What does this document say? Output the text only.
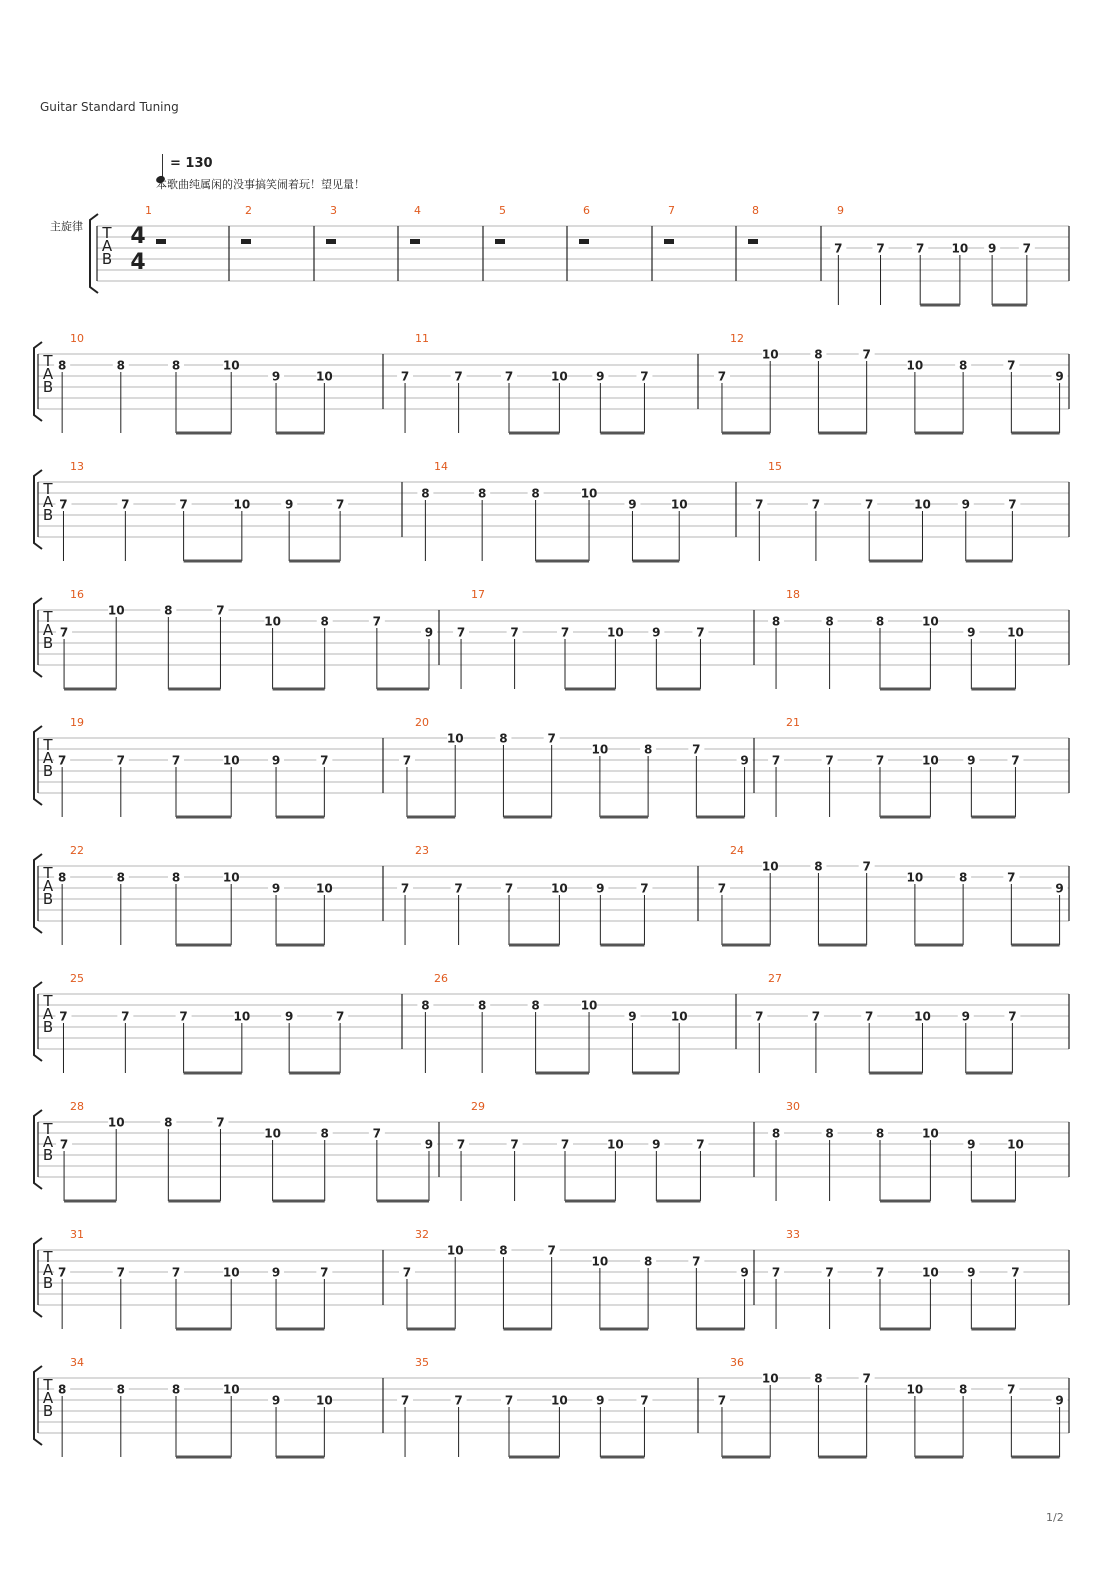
Guitar Standard Tuning
= 130
本歌曲纯属闲的没事搞笑闹着玩！望见量！
主旋律 T
A
B
4
4
1	2	3	4	5	6	7	8	9
7	7	7 10 9 7
T
A
B
10
8	8	8	10
9	10
11
7	7	7	10 9	7
12
7
10	8	7
10	8	7
9
T
A
B
13
7	7	7	10	9	7
14
8	8	8	10
9	10
15
7	7	7	10	9	7
T
A
B
16
7
10	8	7
10	8	7
9
17
7	7	7	10 9	7
18
8	8	8	10
9	10
T
A
B
19
7	7	7	10	9	7
20
7
10	8	7
10	8	7
9
21
7	7	7	10 9	7
T
A
B
22
8	8	8	10
9	10
23
7	7	7	10 9	7
24
7
10	8	7
10	8	7
9
T
A
B
25
7	7	7	10	9	7
26
8	8	8	10
9	10
27
7	7	7	10	9	7
T
A
B
28
7
10	8	7
10	8	7
9
29
7	7	7	10 9	7
30
8	8	8	10
9	10
T
A
B
31
7	7	7	10	9	7
32
7
10	8	7
10	8	7
9
33
7	7	7	10 9	7
T
A
B
34
8	8	8	10
9	10
35
7	7	7	10 9	7
36
7
10	8	7
10	8	7
9
1/2
